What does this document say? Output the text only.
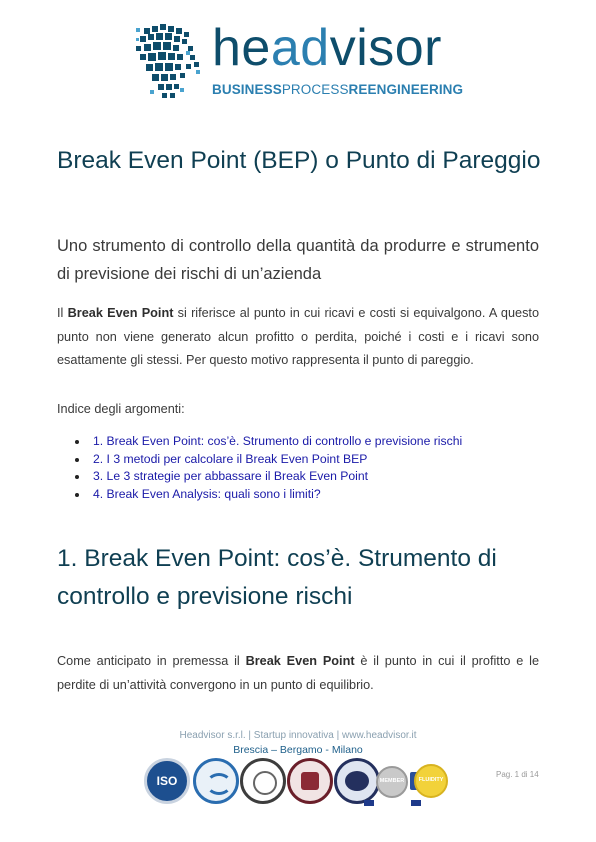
headvisor
BUSINESSPROCESSREENGINEERING
Break Even Point (BEP) o Punto di Pareggio
Uno strumento di controllo della quantità da produrre e strumento di previsione dei rischi di un’azienda
Il Break Even Point si riferisce al punto in cui ricavi e costi si equivalgono. A questo punto non viene generato alcun profitto o perdita, poiché i costi e i ricavi sono esattamente gli stessi. Per questo motivo rappresenta il punto di pareggio.
Indice degli argomenti:
1. Break Even Point: cos’è. Strumento di controllo e previsione rischi
2. I 3 metodi per calcolare il Break Even Point BEP
3. Le 3 strategie per abbassare il Break Even Point
4. Break Even Analysis: quali sono i limiti?
1. Break Even Point: cos’è. Strumento di controllo e previsione rischi
Come anticipato in premessa il Break Even Point è il punto in cui il profitto e le perdite di un’attività convergono in un punto di equilibrio.
Headvisor s.r.l. | Startup innovativa | www.headvisor.it
Brescia – Bergamo - Milano
ISO	MEMBER	FLUIDITY
Pag. 1 di 14
